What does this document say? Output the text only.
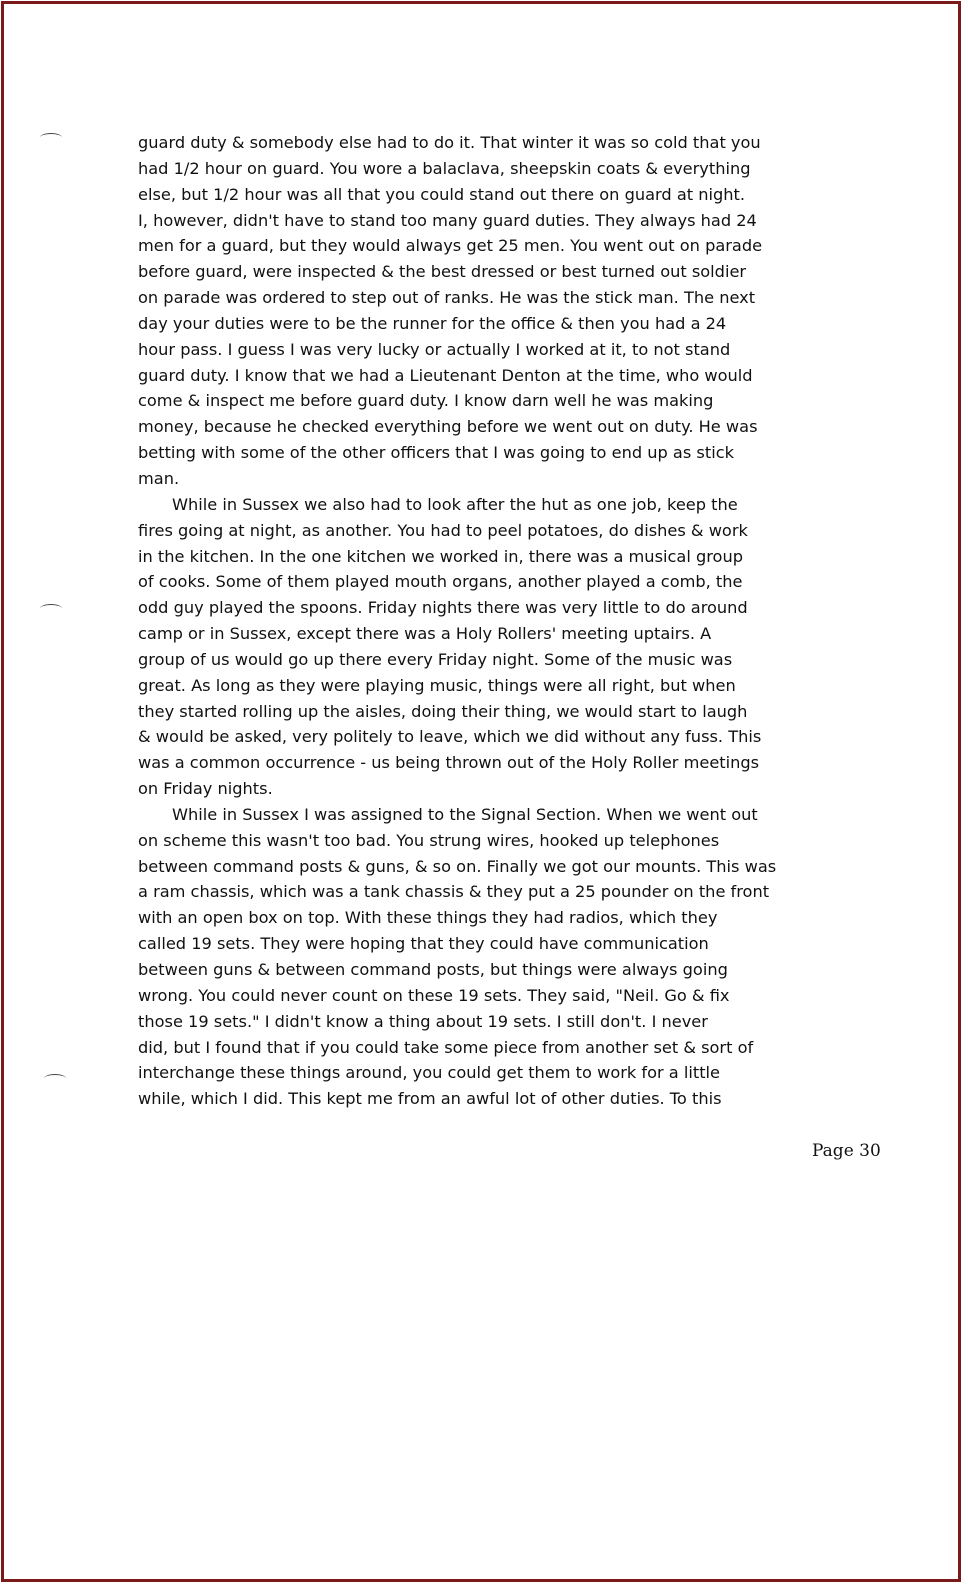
guard duty & somebody else had to do it. That winter it was so cold that you
had 1/2 hour on guard. You wore a balaclava, sheepskin coats & everything
else, but 1/2 hour was all that you could stand out there on guard at night.
I, however, didn't have to stand too many guard duties. They always had 24
men for a guard, but they would always get 25 men. You went out on parade
before guard, were inspected & the best dressed or best turned out soldier
on parade was ordered to step out of ranks. He was the stick man. The next
day your duties were to be the runner for the office & then you had a 24
hour pass. I guess I was very lucky or actually I worked at it, to not stand
guard duty. I know that we had a Lieutenant Denton at the time, who would
come & inspect me before guard duty. I know darn well he was making
money, because he checked everything before we went out on duty. He was
betting with some of the other officers that I was going to end up as stick
man.
While in Sussex we also had to look after the hut as one job, keep the
fires going at night, as another. You had to peel potatoes, do dishes & work
in the kitchen. In the one kitchen we worked in, there was a musical group
of cooks. Some of them played mouth organs, another played a comb, the
odd guy played the spoons. Friday nights there was very little to do around
camp or in Sussex, except there was a Holy Rollers' meeting uptairs. A
group of us would go up there every Friday night. Some of the music was
great. As long as they were playing music, things were all right, but when
they started rolling up the aisles, doing their thing, we would start to laugh
& would be asked, very politely to leave, which we did without any fuss. This
was a common occurrence - us being thrown out of the Holy Roller meetings
on Friday nights.
While in Sussex I was assigned to the Signal Section. When we went out
on scheme this wasn't too bad. You strung wires, hooked up telephones
between command posts & guns, & so on. Finally we got our mounts. This was
a ram chassis, which was a tank chassis & they put a 25 pounder on the front
with an open box on top. With these things they had radios, which they
called 19 sets. They were hoping that they could have communication
between guns & between command posts, but things were always going
wrong. You could never count on these 19 sets. They said, "Neil. Go & fix
those 19 sets." I didn't know a thing about 19 sets. I still don't. I never
did, but I found that if you could take some piece from another set & sort of
interchange these things around, you could get them to work for a little
while, which I did. This kept me from an awful lot of other duties. To this
Page 30
